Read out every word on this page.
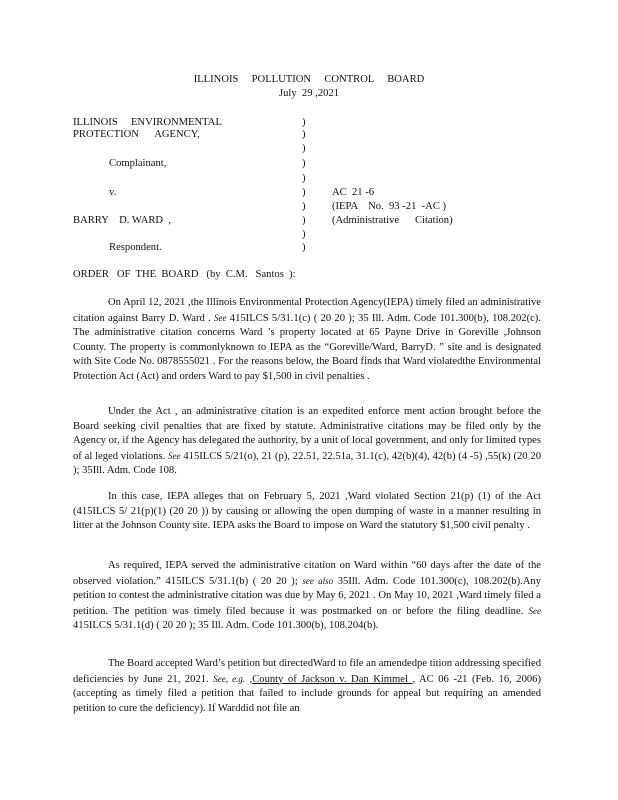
ILLINOIS     POLLUTION     CONTROL     BOARD
July  29 ,2021
ILLINOIS     ENVIRONMENTAL
PROTECTION      AGENCY,
Complainant,
v.
BARRY    D. WARD  ,
Respondent.
)
)
)
)
)
)
)
)
)
)
AC  21 -6
(IEPA    No.  93 -21  -AC )
(Administrative      Citation)
ORDER   OF  THE  BOARD   (by  C.M.   Santos  ):
On April 12, 2021 ,the Illinois Environmental Protection Agency(IEPA) timely filed an administrative citation against Barry D. Ward . See 415ILCS 5/31.1(c) ( 20 20 ); 35 Ill. Adm. Code 101.300(b), 108.202(c). The administrative citation concerns Ward ’s property located at 65 Payne Drive in Goreville ,Johnson County. The property is commonlyknown to IEPA as the “Goreville/Ward, BarryD. ” site and is designated with Site Code No. 0878555021 . For the reasons below, the Board finds that Ward violatedthe Environmental Protection Act (Act) and orders Ward to pay $1,500 in civil penalties .
Under the Act , an administrative citation is an expedited enforce ment action brought before the Board seeking civil penalties that are fixed by statute. Administrative citations may be filed only by the Agency or, if the Agency has delegated the authority, by a unit of local government, and only for limited types of al leged violations. See 415ILCS 5/21(o), 21 (p), 22.51, 22.51a, 31.1(c), 42(b)(4), 42(b) (4 -5) ,55(k) (20 20 ); 35Ill. Adm. Code 108.
In this case, IEPA alleges that on February 5, 2021 ,Ward violated Section 21(p) (1) of the Act (415ILCS 5/ 21(p)(1) (20 20 )) by causing or allowing the open dumping of waste in a manner resulting in litter at the Johnson County site. IEPA asks the Board to impose on Ward the statutory $1,500 civil penalty .
As required, IEPA served the administrative citation on Ward within “60 days after the date of the observed violation.” 415ILCS 5/31.1(b) ( 20 20 ); see also 35Ill. Adm. Code 101.300(c), 108.202(b).Any petition to contest the administrative citation was due by May 6, 2021 . On May 10, 2021 ,Ward timely filed a petition. The petition was timely filed because it was postmarked on or before the filing deadline. See 415ILCS 5/31.1(d) ( 20 20 ); 35 Ill. Adm. Code 101.300(b), 108.204(b).
The Board accepted Ward’s petition but directedWard to file an amendedpe tition addressing specified deficiencies by June 21, 2021. See, e.g. ,County of Jackson v. Dan Kimmel , AC 06 -21 (Feb. 16, 2006) (accepting as timely filed a petition that failed to include grounds for appeal but requiring an amended petition to cure the deficiency). If Warddid not file an
